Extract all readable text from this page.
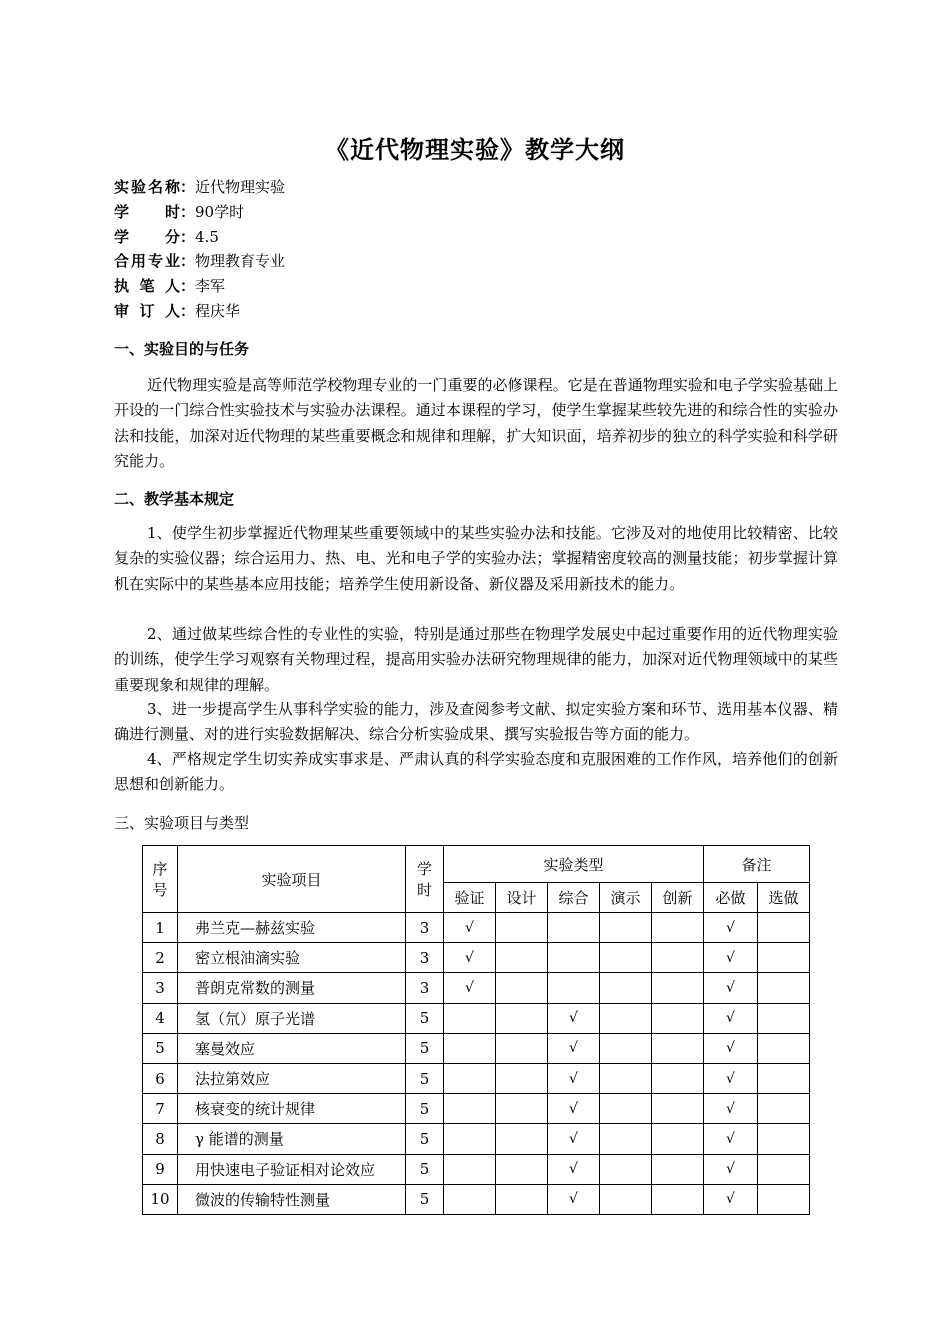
《近代物理实验》教学大纲
实验名称：近代物理实验
学时：90学时
学分：4.5
合用专业：物理教育专业
执笔人：李军
审订人：程庆华
一、实验目的与任务
近代物理实验是高等师范学校物理专业的一门重要的必修课程。它是在普通物理实验和电子学实验基础上开设的一门综合性实验技术与实验办法课程。通过本课程的学习，使学生掌握某些较先进的和综合性的实验办法和技能，加深对近代物理的某些重要概念和规律和理解，扩大知识面，培养初步的独立的科学实验和科学研究能力。
二、教学基本规定
1、使学生初步掌握近代物理某些重要领域中的某些实验办法和技能。它涉及对的地使用比较精密、比较复杂的实验仪器；综合运用力、热、电、光和电子学的实验办法；掌握精密度较高的测量技能；初步掌握计算机在实际中的某些基本应用技能；培养学生使用新设备、新仪器及采用新技术的能力。
2、通过做某些综合性的专业性的实验，特别是通过那些在物理学发展史中起过重要作用的近代物理实验的训练，使学生学习观察有关物理过程，提高用实验办法研究物理规律的能力，加深对近代物理领域中的某些重要现象和规律的理解。
3、进一步提高学生从事科学实验的能力，涉及查阅参考文献、拟定实验方案和环节、选用基本仪器、精确进行测量、对的进行实验数据解决、综合分析实验成果、撰写实验报告等方面的能力。
4、严格规定学生切实养成实事求是、严肃认真的科学实验态度和克服困难的工作作风，培养他们的创新思想和创新能力。
三、实验项目与类型
序号	实验项目	学时	实验类型					备注	
			验证	设计	综合	演示	创新	必做	选做
1	弗兰克—赫兹实验	3	√					√	
2	密立根油滴实验	3	√					√	
3	普朗克常数的测量	3	√					√	
4	氢（氘）原子光谱	5			√			√	
5	塞曼效应	5			√			√	
6	法拉第效应	5			√			√	
7	核衰变的统计规律	5			√			√	
8	γ 能谱的测量	5			√			√	
9	用快速电子验证相对论效应	5			√			√	
10	微波的传输特性测量	5			√			√	
